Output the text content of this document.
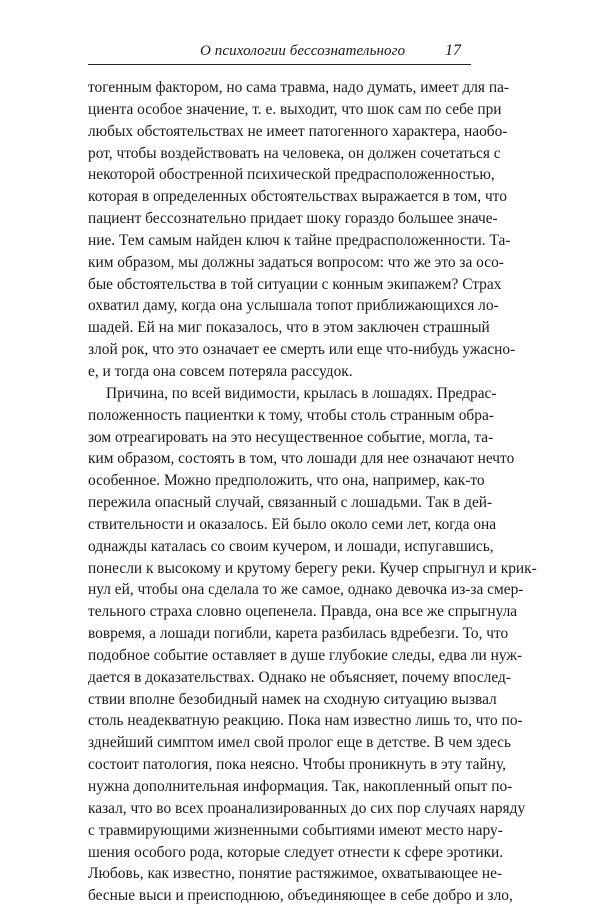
О психологии бессознательного 17
тогенным фактором, но сама травма, надо думать, имеет для па-
циента особое значение, т. е. выходит, что шок сам по себе при
любых обстоятельствах не имеет патогенного характера, наобо-
рот, чтобы воздействовать на человека, он должен сочетаться с
некоторой обостренной психической предрасположенностью,
которая в определенных обстоятельствах выражается в том, что
пациент бессознательно придает шоку гораздо большее значе-
ние. Тем самым найден ключ к тайне предрасположенности. Та-
ким образом, мы должны задаться вопросом: что же это за осо-
бые обстоятельства в той ситуации с конным экипажем? Страх
охватил даму, когда она услышала топот приближающихся ло-
шадей. Ей на миг показалось, что в этом заключен страшный
злой рок, что это означает ее смерть или еще что-нибудь ужасно-
е, и тогда она совсем потеряла рассудок.
Причина, по всей видимости, крылась в лошадях. Предрас-
положенность пациентки к тому, чтобы столь странным обра-
зом отреагировать на это несущественное событие, могла, та-
ким образом, состоять в том, что лошади для нее означают нечто
особенное. Можно предположить, что она, например, как-то
пережила опасный случай, связанный с лошадьми. Так в дей-
ствительности и оказалось. Ей было около семи лет, когда она
однажды каталась со своим кучером, и лошади, испугавшись,
понесли к высокому и крутому берегу реки. Кучер спрыгнул и крик-
нул ей, чтобы она сделала то же самое, однако девочка из-за смер-
тельного страха словно оцепенела. Правда, она все же спрыгнула
вовремя, а лошади погибли, карета разбилась вдребезги. То, что
подобное событие оставляет в душе глубокие следы, едва ли нуж-
дается в доказательствах. Однако не объясняет, почему впослед-
ствии вполне безобидный намек на сходную ситуацию вызвал
столь неадекватную реакцию. Пока нам известно лишь то, что по-
зднейший симптом имел свой пролог еще в детстве. В чем здесь
состоит патология, пока неясно. Чтобы проникнуть в эту тайну,
нужна дополнительная информация. Так, накопленный опыт по-
казал, что во всех проанализированных до сих пор случаях наряду
с травмирующими жизненными событиями имеют место нару-
шения особого рода, которые следует отнести к сфере эротики.
Любовь, как известно, понятие растяжимое, охватывающее не-
бесные выси и преисподнюю, объединяющее в себе добро и зло,
